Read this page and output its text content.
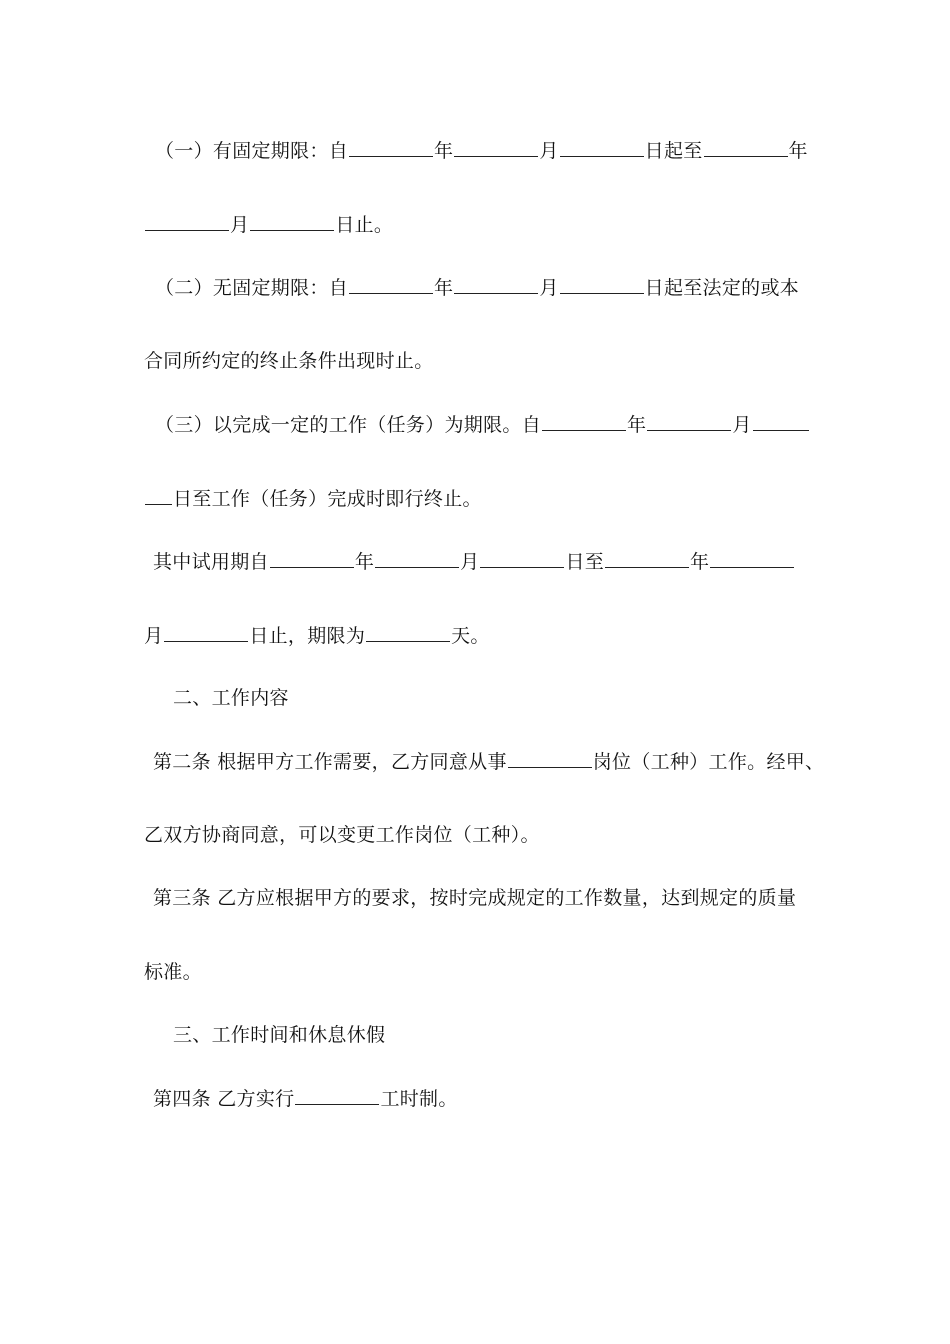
（一）有固定期限：自	年	月	日起至	年
月	日止。
（二）无固定期限：自	年	月	日起至法定的或本
合同所约定的终止条件出现时止。
（三）以完成一定的工作（任务）为期限。自	年	月
日至工作（任务）完成时即行终止。
其中试用期自	年	月	日至	年
月	日止，期限为	天。
二、工作内容
第二条 根据甲方工作需要，乙方同意从事	岗位（工种）工作。经甲、
乙双方协商同意，可以变更工作岗位（工种）。
第三条 乙方应根据甲方的要求，按时完成规定的工作数量，达到规定的质量
标准。
三、工作时间和休息休假
第四条 乙方实行	工时制。
